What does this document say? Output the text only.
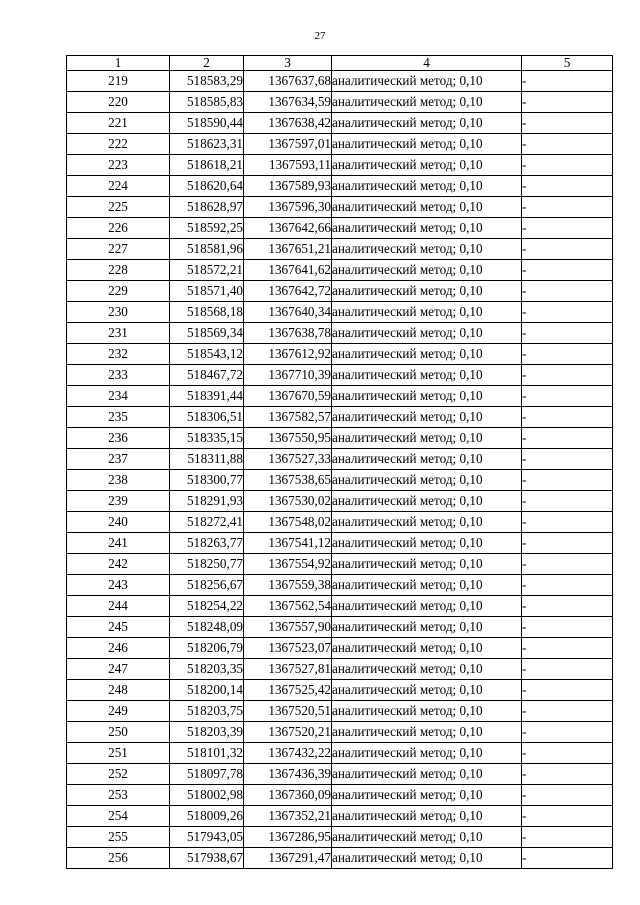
27
1	2	3	4	5
219	518583,29	1367637,68	аналитический метод; 0,10	-
220	518585,83	1367634,59	аналитический метод; 0,10	-
221	518590,44	1367638,42	аналитический метод; 0,10	-
222	518623,31	1367597,01	аналитический метод; 0,10	-
223	518618,21	1367593,11	аналитический метод; 0,10	-
224	518620,64	1367589,93	аналитический метод; 0,10	-
225	518628,97	1367596,30	аналитический метод; 0,10	-
226	518592,25	1367642,66	аналитический метод; 0,10	-
227	518581,96	1367651,21	аналитический метод; 0,10	-
228	518572,21	1367641,62	аналитический метод; 0,10	-
229	518571,40	1367642,72	аналитический метод; 0,10	-
230	518568,18	1367640,34	аналитический метод; 0,10	-
231	518569,34	1367638,78	аналитический метод; 0,10	-
232	518543,12	1367612,92	аналитический метод; 0,10	-
233	518467,72	1367710,39	аналитический метод; 0,10	-
234	518391,44	1367670,59	аналитический метод; 0,10	-
235	518306,51	1367582,57	аналитический метод; 0,10	-
236	518335,15	1367550,95	аналитический метод; 0,10	-
237	518311,88	1367527,33	аналитический метод; 0,10	-
238	518300,77	1367538,65	аналитический метод; 0,10	-
239	518291,93	1367530,02	аналитический метод; 0,10	-
240	518272,41	1367548,02	аналитический метод; 0,10	-
241	518263,77	1367541,12	аналитический метод; 0,10	-
242	518250,77	1367554,92	аналитический метод; 0,10	-
243	518256,67	1367559,38	аналитический метод; 0,10	-
244	518254,22	1367562,54	аналитический метод; 0,10	-
245	518248,09	1367557,90	аналитический метод; 0,10	-
246	518206,79	1367523,07	аналитический метод; 0,10	-
247	518203,35	1367527,81	аналитический метод; 0,10	-
248	518200,14	1367525,42	аналитический метод; 0,10	-
249	518203,75	1367520,51	аналитический метод; 0,10	-
250	518203,39	1367520,21	аналитический метод; 0,10	-
251	518101,32	1367432,22	аналитический метод; 0,10	-
252	518097,78	1367436,39	аналитический метод; 0,10	-
253	518002,98	1367360,09	аналитический метод; 0,10	-
254	518009,26	1367352,21	аналитический метод; 0,10	-
255	517943,05	1367286,95	аналитический метод; 0,10	-
256	517938,67	1367291,47	аналитический метод; 0,10	-
